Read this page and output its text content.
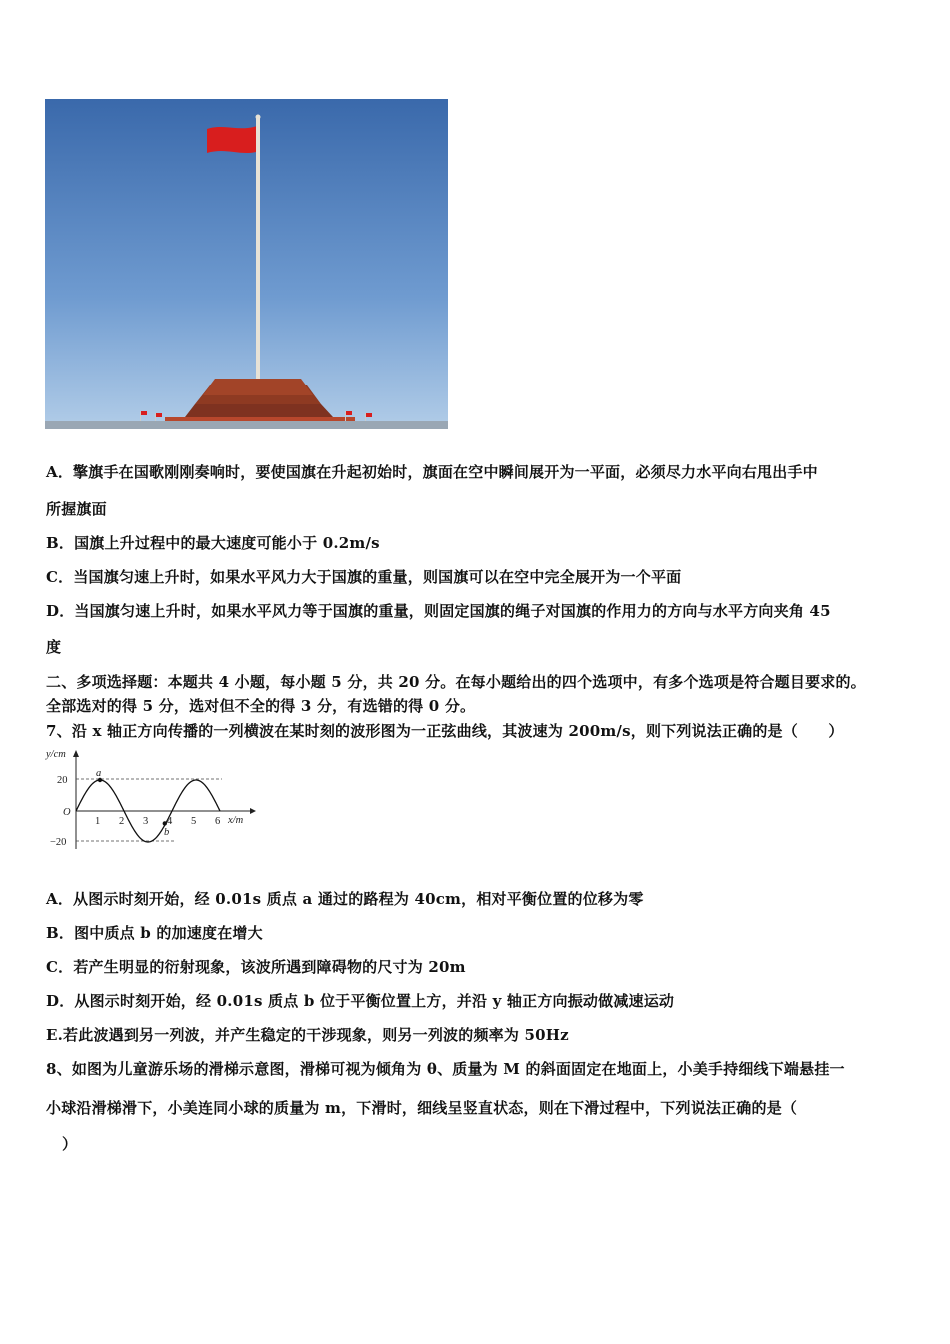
A．擎旗手在国歌刚刚奏响时，要使国旗在升起初始时，旗面在空中瞬间展开为一平面，必须尽力水平向右甩出手中
所握旗面
B．国旗上升过程中的最大速度可能小于 0.2m/s
C．当国旗匀速上升时，如果水平风力大于国旗的重量，则国旗可以在空中完全展开为一个平面
D．当国旗匀速上升时，如果水平风力等于国旗的重量，则固定国旗的绳子对国旗的作用力的方向与水平方向夹角 45
度
二、多项选择题：本题共 4 小题，每小题 5 分，共 20 分。在每小题给出的四个选项中，有多个选项是符合题目要求的。
全部选对的得 5 分，选对但不全的得 3 分，有选错的得 0 分。
7、沿 x 轴正方向传播的一列横波在某时刻的波形图为一正弦曲线，其波速为 200m/s，则下列说法正确的是（　　）
y/cm
x/m
20
−20
O
1 2 3 4 5 6
a
b
A．从图示时刻开始，经 0.01s 质点 a 通过的路程为 40cm，相对平衡位置的位移为零
B．图中质点 b 的加速度在增大
C．若产生明显的衍射现象，该波所遇到障碍物的尺寸为 20m
D．从图示时刻开始，经 0.01s 质点 b 位于平衡位置上方，并沿 y 轴正方向振动做减速运动
E.若此波遇到另一列波，并产生稳定的干涉现象，则另一列波的频率为 50Hz
8、如图为儿童游乐场的滑梯示意图，滑梯可视为倾角为 θ、质量为 M 的斜面固定在地面上，小美手持细线下端悬挂一
小球沿滑梯滑下，小美连同小球的质量为 m，下滑时，细线呈竖直状态，则在下滑过程中，下列说法正确的是（
）
